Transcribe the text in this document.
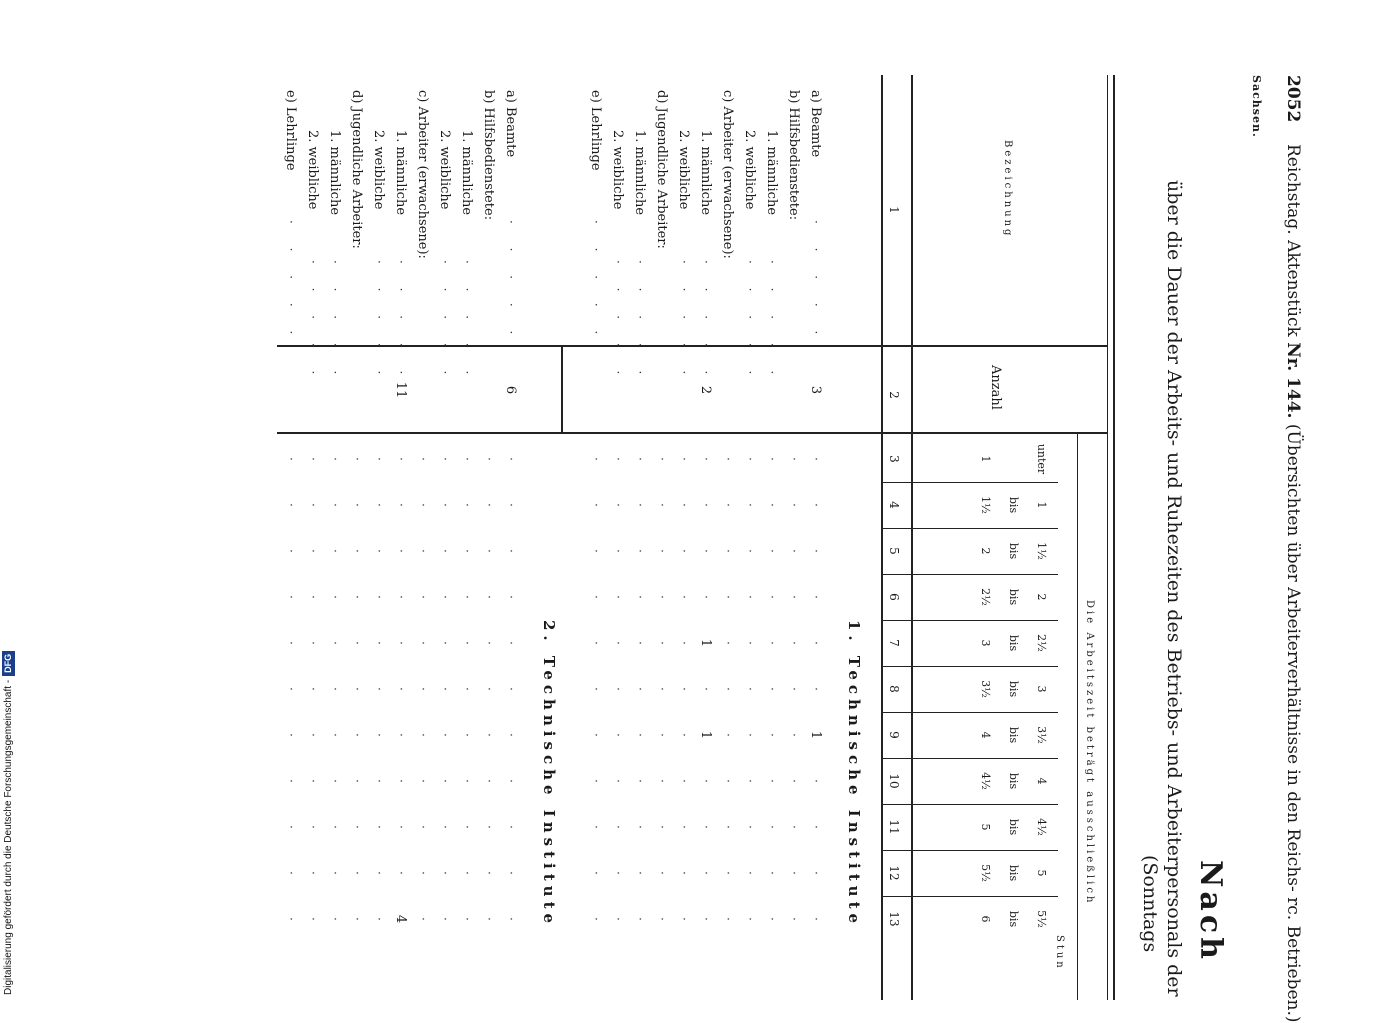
2052    Reichstag. Aktenstück Nr. 144. (Übersichten über Arbeiterverhältnisse in den Reichs- rc. Betrieben.)
Sachsen.
Nach
über die Dauer der Arbeits- und Ruhezeiten des Betriebs- und Arbeiterpersonals der
(Sonntags
Bezeichnung
Anzahl
Die Arbeitszeit beträgt ausschließlich
Stun
unter
1
1
bis
1½
1½
bis
2
2
bis
2½
2½
bis
3
3
bis
3½
3½
bis
4
4
bis
4½
4½
bis
5
5
bis
5½
5½
bis
6
1
2
3
4
5
6
7
8
9
10
11
12
13
1. Technische Institute
a) Beamte
· · · · ·
3
·
·
·
·
·
·
1
·
·
·
·
b) Hilfsbedienstete:
·
·
·
·
·
·
·
·
·
·
·
1. männliche
· · · · ·
·
·
·
·
·
·
·
·
·
·
·
2. weibliche
· · · · ·
·
·
·
·
·
·
·
·
·
·
·
c) Arbeiter (erwachsene):
·
·
·
·
·
·
·
·
·
·
·
1. männliche
· · · · ·
2
·
·
·
·
1
·
1
·
·
·
·
2. weibliche
· · · · ·
·
·
·
·
·
·
·
·
·
·
·
d) Jugendliche Arbeiter:
·
·
·
·
·
·
·
·
·
·
·
1. männliche
· · · · ·
·
·
·
·
·
·
·
·
·
·
·
2. weibliche
· · · · ·
·
·
·
·
·
·
·
·
·
·
·
e) Lehrlinge
· · · · ·
·
·
·
·
·
·
·
·
·
·
·
2. Technische Institute
a) Beamte
· · · · ·
6
·
·
·
·
·
·
·
·
·
·
·
b) Hilfsbedienstete:
·
·
·
·
·
·
·
·
·
·
·
1. männliche
· · · · ·
·
·
·
·
·
·
·
·
·
·
·
2. weibliche
· · · · ·
·
·
·
·
·
·
·
·
·
·
·
c) Arbeiter (erwachsene):
·
·
·
·
·
·
·
·
·
·
·
1. männliche
· · · · ·
11
·
·
·
·
·
·
·
·
·
·
4
2. weibliche
· · · · ·
·
·
·
·
·
·
·
·
·
·
·
d) Jugendliche Arbeiter:
·
·
·
·
·
·
·
·
·
·
·
1. männliche
· · · · ·
·
·
·
·
·
·
·
·
·
·
·
2. weibliche
· · · · ·
·
·
·
·
·
·
·
·
·
·
·
e) Lehrlinge
· · · · ·
·
·
·
·
·
·
·
·
·
·
·
Digitalisierung gefördert durch die Deutsche Forschungsgemeinschaft -DFG
